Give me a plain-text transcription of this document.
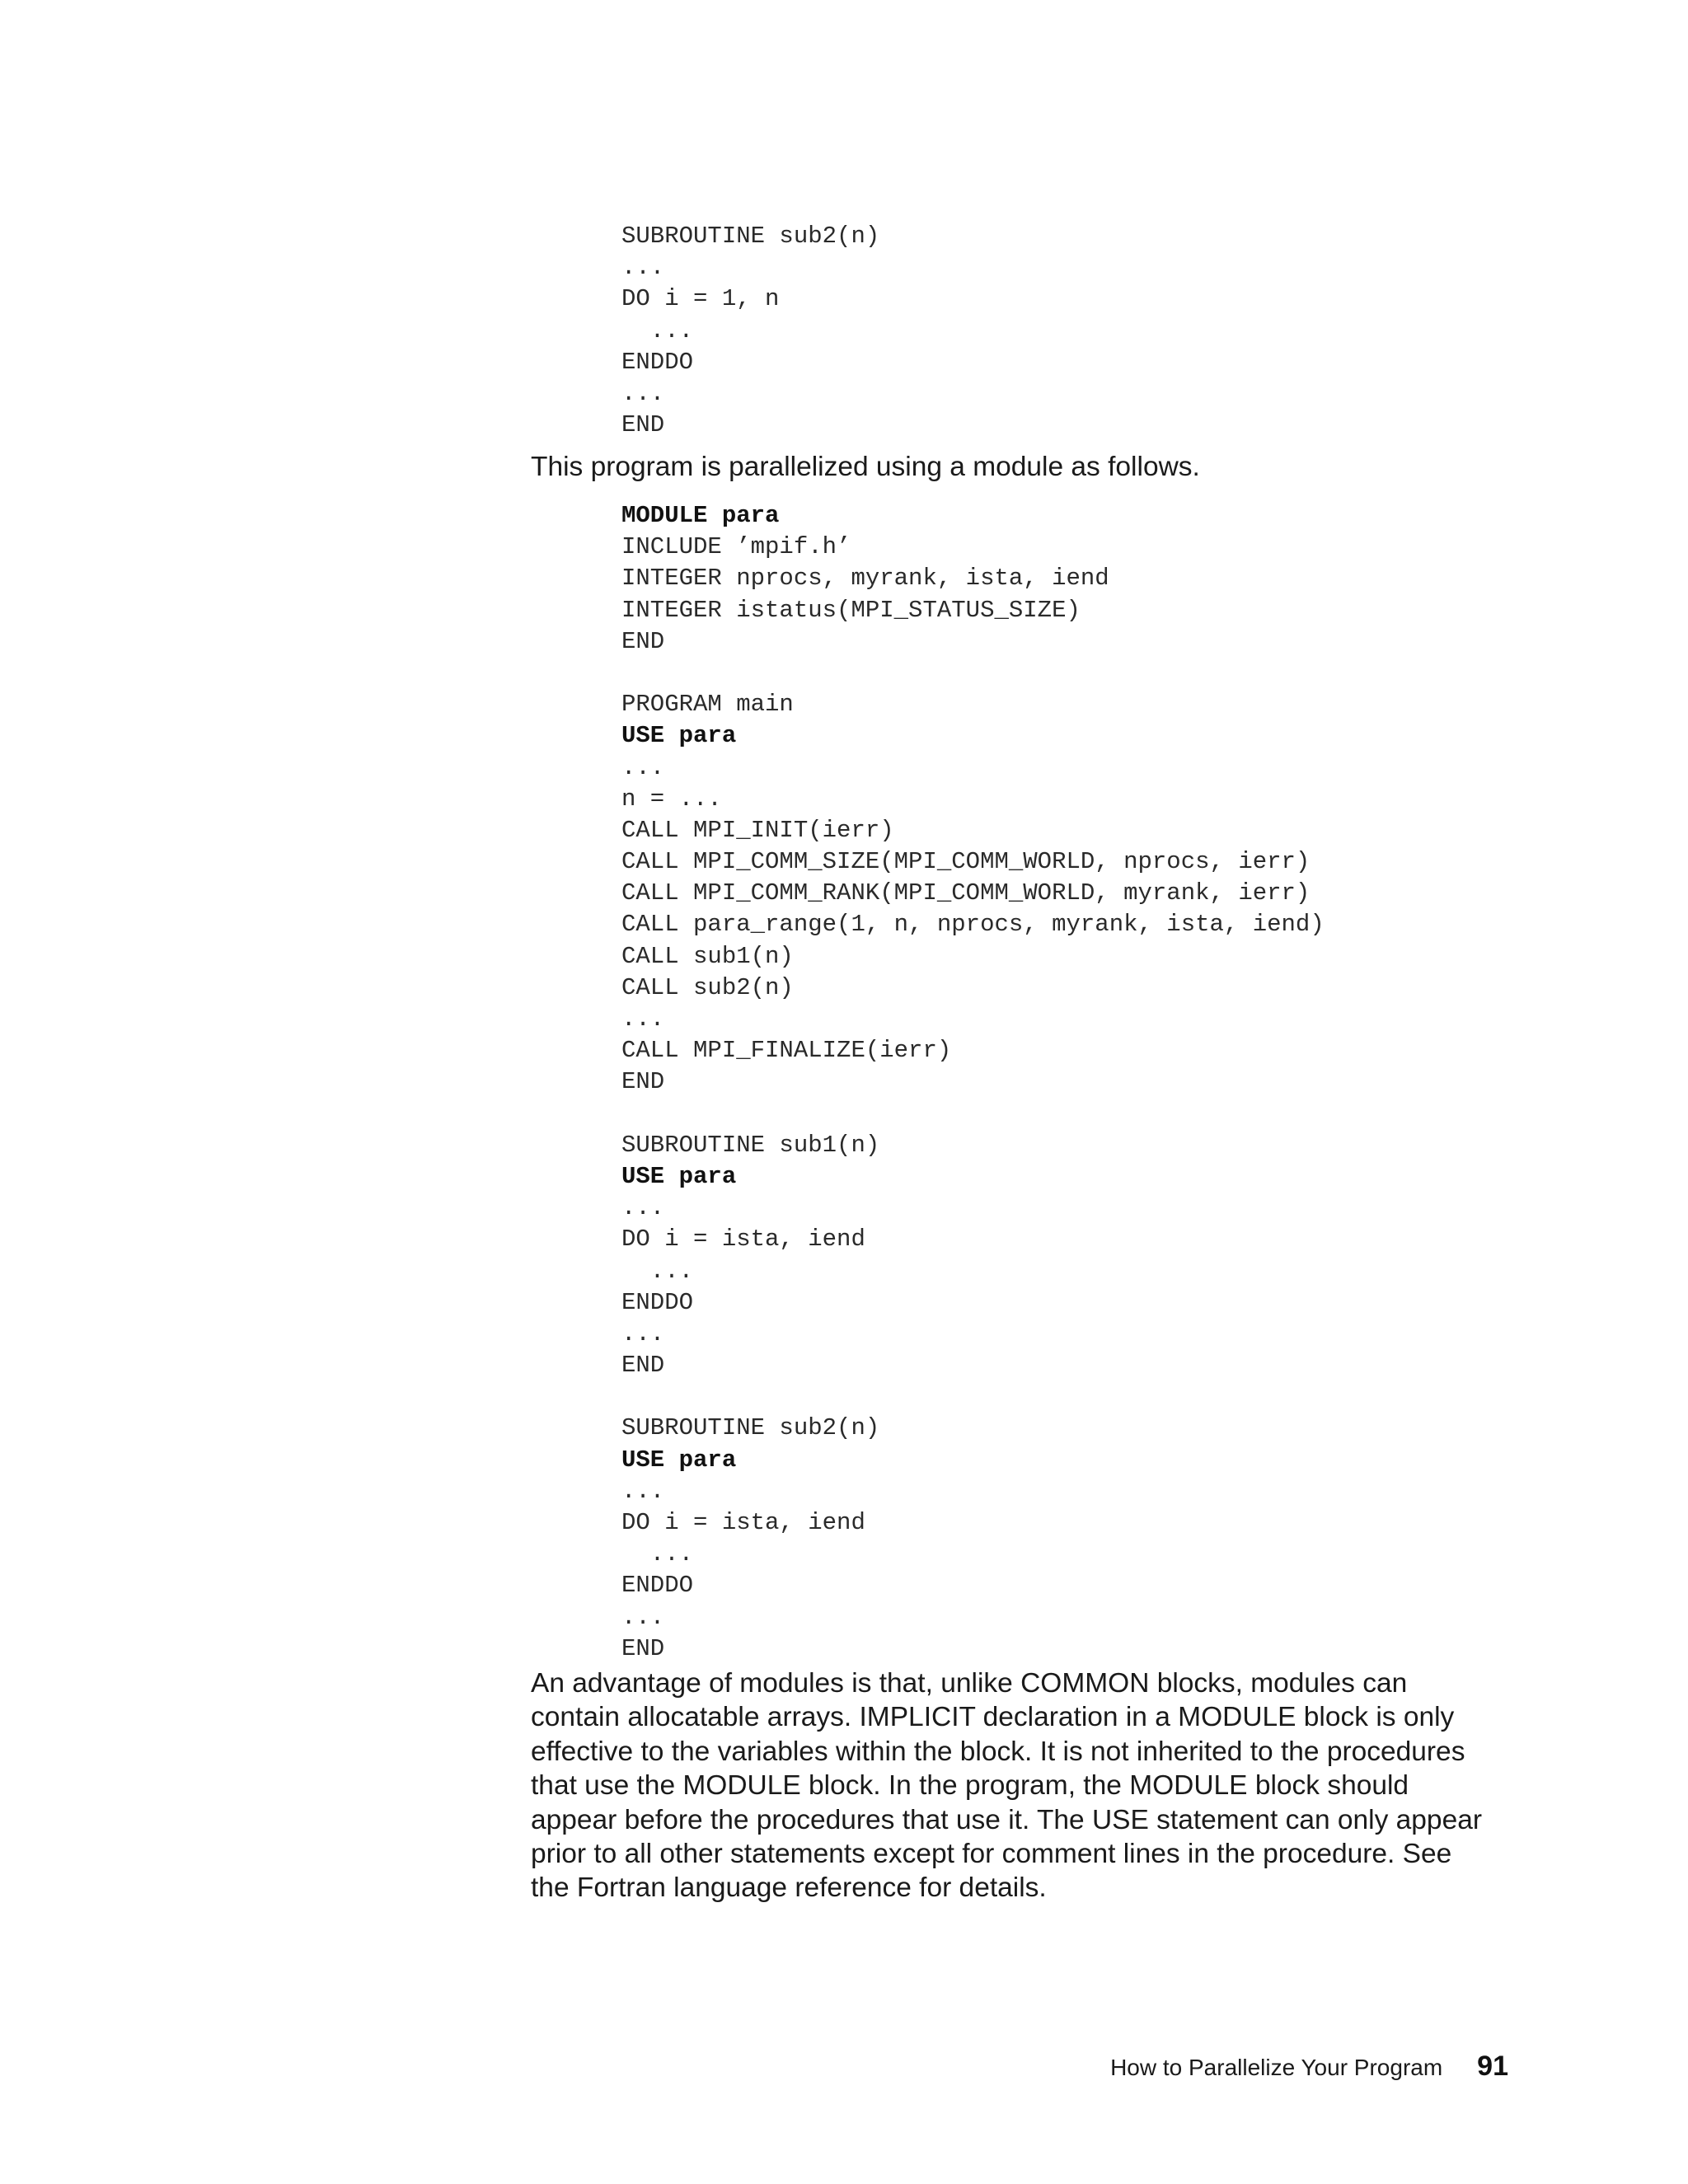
SUBROUTINE sub2(n)
...
DO i = 1, n
...
ENDDO
...
END

This program is parallelized using a module as follows.

MODULE para
INCLUDE ’mpif.h’
INTEGER nprocs, myrank, ista, iend
INTEGER istatus(MPI_STATUS_SIZE)
END
PROGRAM main
USE para
...
n = ...
CALL MPI_INIT(ierr)
CALL MPI_COMM_SIZE(MPI_COMM_WORLD, nprocs, ierr)
CALL MPI_COMM_RANK(MPI_COMM_WORLD, myrank, ierr)
CALL para_range(1, n, nprocs, myrank, ista, iend)
CALL sub1(n)
CALL sub2(n)
...
CALL MPI_FINALIZE(ierr)
END
SUBROUTINE sub1(n)
USE para
...
DO i = ista, iend
...
ENDDO
...
END
SUBROUTINE sub2(n)
USE para
...
DO i = ista, iend
...
ENDDO
...
END

An advantage of modules is that, unlike COMMON blocks, modules can
contain allocatable arrays. IMPLICIT declaration in a MODULE block is only
effective to the variables within the block. It is not inherited to the procedures
that use the MODULE block. In the program, the MODULE block should
appear before the procedures that use it. The USE statement can only appear
prior to all other statements except for comment lines in the procedure. See
the Fortran language reference for details.

How to Parallelize Your Program 91
